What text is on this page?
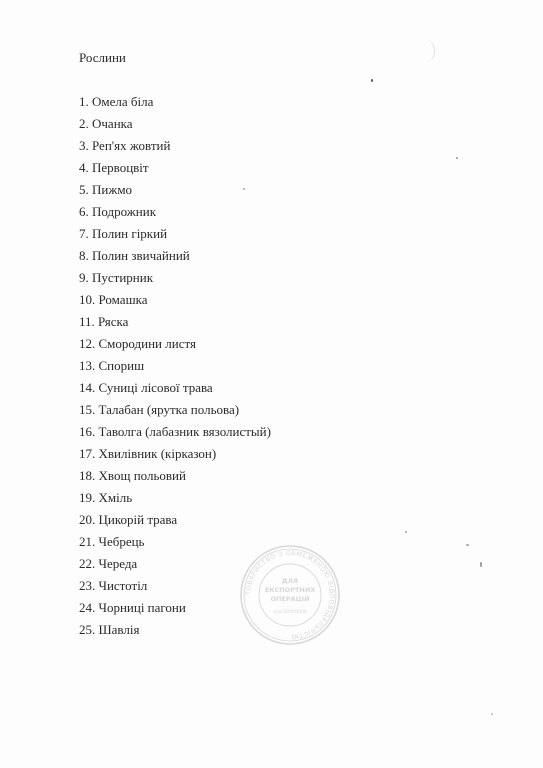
Рослини
1. Омела біла
2. Очанка
3. Реп'ях жовтий
4. Первоцвіт
5. Пижмо
6. Подрожник
7. Полин гіркий
8. Полин звичайний
9. Пустирник
10. Ромашка
11. Ряска
12. Смородини листя
13. Спориш
14. Суниці лісової трава
15. Талабан (ярутка польова)
16. Таволга (лабазник вязолистый)
17. Хвилівник (кірказон)
18. Хвощ польовий
19. Хміль
20. Цикорій трава
21. Чебрець
22. Череда
23. Чистотіл
24. Чорниці пагони
25. Шавлія
ТОВАРИСТВО З ОБМЕЖЕНОЮ ВІДПОВІДАЛЬНІСТЮ
ДЛЯ
ЕКСПОРТНИХ
ОПЕРАЦІЙ
код 00000000
